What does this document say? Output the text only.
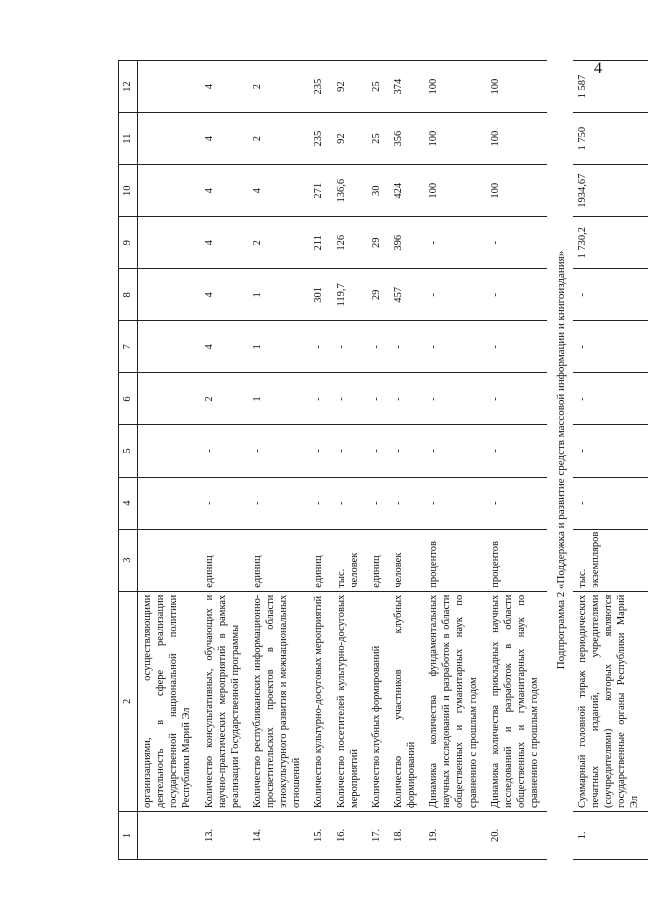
4
1	2	3	4	5	6	7	8	9	10	11	12
	организациями, осуществляющими деятельность в сфере реализации государственной национальной политики Республики Марий Эл										
13.	Количество консультативных, обучающих и научно-практических мероприятий в рамках реализации Государственной программы	единиц	-	-	2	4	4	4	4	4	4
14.	Количество республиканских информационно-просветительских проектов в области этнокультурного развития и межнациональных отношений	единиц	-	-	1	1	1	2	4	2	2
15.	Количество культурно-досуговых мероприятий	единиц	-	-	-	-	301	211	271	235	235
16.	Количество посетителей культурно-досуговых мероприятий	тыс. человек	-	-	-	-	119,7	126	136,6	92	92
17.	Количество клубных формирований	единиц	-	-	-	-	29	29	30	25	25
18.	Количество участников клубных формирований	человек	-	-	-	-	457	396	424	356	374
19.	Динамика количества фундаментальных научных исследований и разработок в области общественных и гуманитарных наук по сравнению с прошлым годом	процентов	-	-	-	-	-	-	100	100	100
20.	Динамика количества прикладных научных исследований и разработок в области общественных и гуманитарных наук по сравнению с прошлым годом	процентов	-	-	-	-	-	-	100	100	100
Подпрограмма 2 «Поддержка и развитие средств массовой информации и книгоиздания»											
1.	Суммарный головной тираж периодических печатных изданий, учредителями (соучредителями) которых являются государственные органы Республики Марий Эл	тыс. экземпляров	-	-	-	-	-	1 730,2	1934,67	1 750	1 587
